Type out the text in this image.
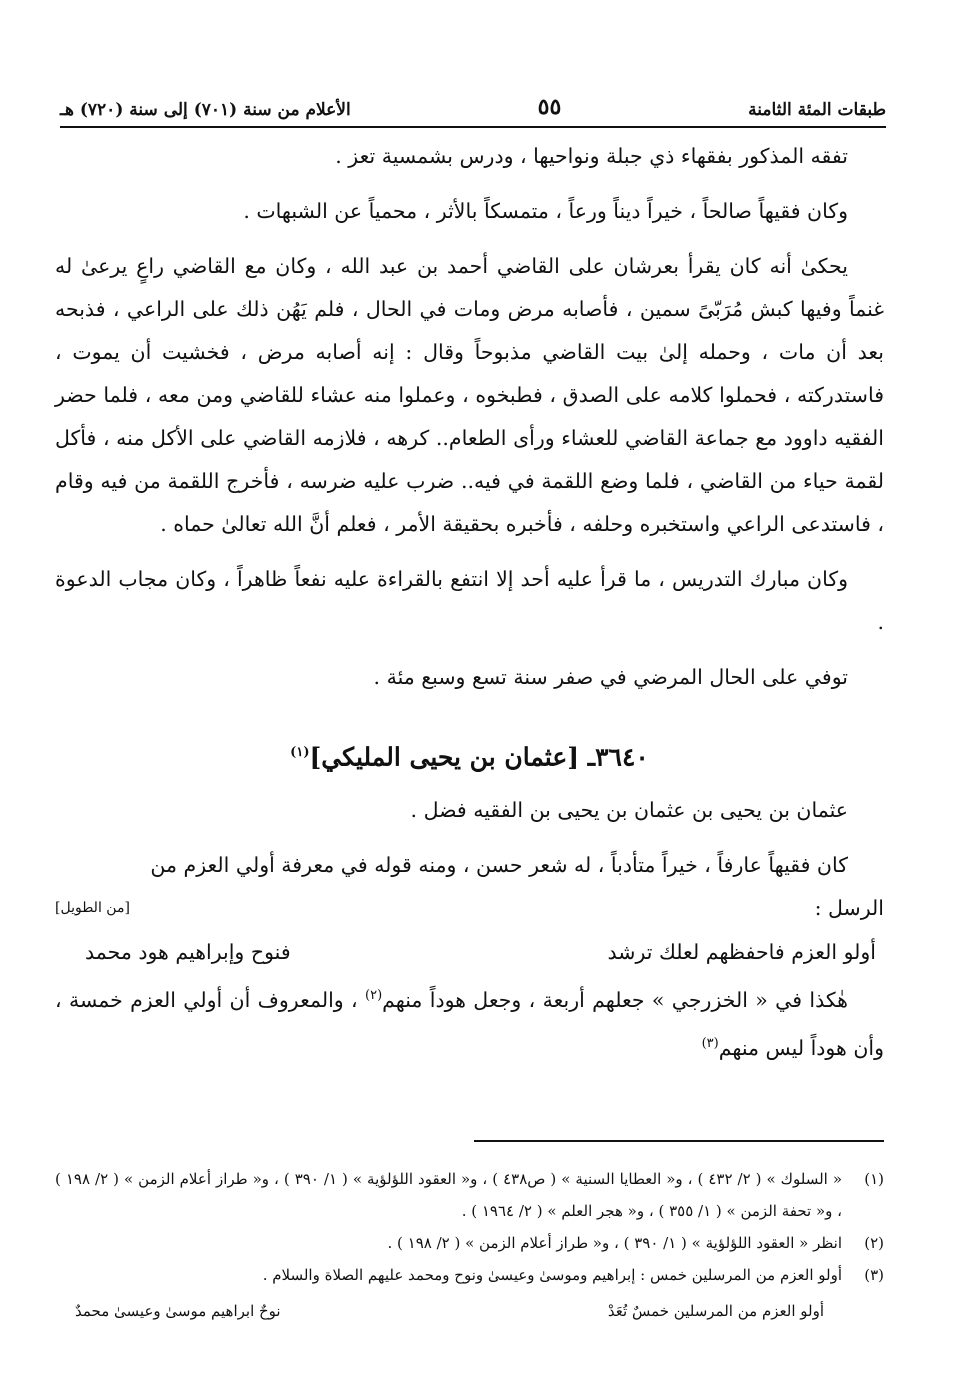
طبقات المئة الثامنة
٥٥
الأعلام من سنة (٧٠١) إلى سنة (٧٢٠) هـ

تفقه المذكور بفقهاء ذي جبلة ونواحيها ، ودرس بشمسية تعز .

وكان فقيهاً صالحاً ، خيراً ديناً ورعاً ، متمسكاً بالأثر ، محمياً عن الشبهات .

يحكىٰ أنه كان يقرأ بعرشان على القاضي أحمد بن عبد الله ، وكان مع القاضي راعٍ يرعىٰ له غنماً وفيها كبش مُرَبّىً سمين ، فأصابه مرض ومات في الحال ، فلم يَهُن ذلك على الراعي ، فذبحه بعد أن مات ، وحمله إلىٰ بيت القاضي مذبوحاً وقال : إنه أصابه مرض ، فخشيت أن يموت ، فاستدركته ، فحملوا كلامه على الصدق ، فطبخوه ، وعملوا منه عشاء للقاضي ومن معه ، فلما حضر الفقيه داوود مع جماعة القاضي للعشاء ورأى الطعام.. كرهه ، فلازمه القاضي على الأكل منه ، فأكل لقمة حياء من القاضي ، فلما وضع اللقمة في فيه.. ضرب عليه ضرسه ، فأخرج اللقمة من فيه وقام ، فاستدعى الراعي واستخبره وحلفه ، فأخبره بحقيقة الأمر ، فعلم أنَّ الله تعالىٰ حماه .

وكان مبارك التدريس ، ما قرأ عليه أحد إلا انتفع بالقراءة عليه نفعاً ظاهراً ، وكان مجاب الدعوة .

توفي على الحال المرضي في صفر سنة تسع وسبع مئة .

٣٦٤٠ـ [عثمان بن يحيى المليكي]$^{(١)}$

عثمان بن يحيى بن عثمان بن يحيى بن الفقيه فضل .

كان فقيهاً عارفاً ، خيراً متأدباً ، له شعر حسن ، ومنه قوله في معرفة أولي العزم من

الرسل :
[من الطويل]
أولو العزم فاحفظهم لعلك ترشد
فنوح وإبراهيم هود محمد

هٰكذا في « الخزرجي » جعلهم أربعة ، وجعل هوداً منهم$^{(٢)}$ ، والمعروف أن أولي العزم خمسة ، وأن هوداً ليس منهم$^{(٣)}$

(١)
« السلوك » ( ٢/ ٤٣٢ ) ، و« العطايا السنية » ( ص٤٣٨ ) ، و« العقود اللؤلؤية » ( ١/ ٣٩٠ ) ، و« طراز أعلام الزمن » ( ٢/ ١٩٨ ) ، و« تحفة الزمن » ( ١/ ٣٥٥ ) ، و« هجر العلم » ( ٢/ ١٩٦٤ ) .
(٢)
انظر « العقود اللؤلؤية » ( ١/ ٣٩٠ ) ، و« طراز أعلام الزمن » ( ٢/ ١٩٨ ) .
(٣)
أولو العزم من المرسلين خمس : إبراهيم وموسىٰ وعيسىٰ ونوح ومحمد عليهم الصلاة والسلام .
أولو العزم من المرسلين خمسٌ تُعَدْ
نوحٌ ابراهيم موسىٰ وعيسىٰ محمدٌ
